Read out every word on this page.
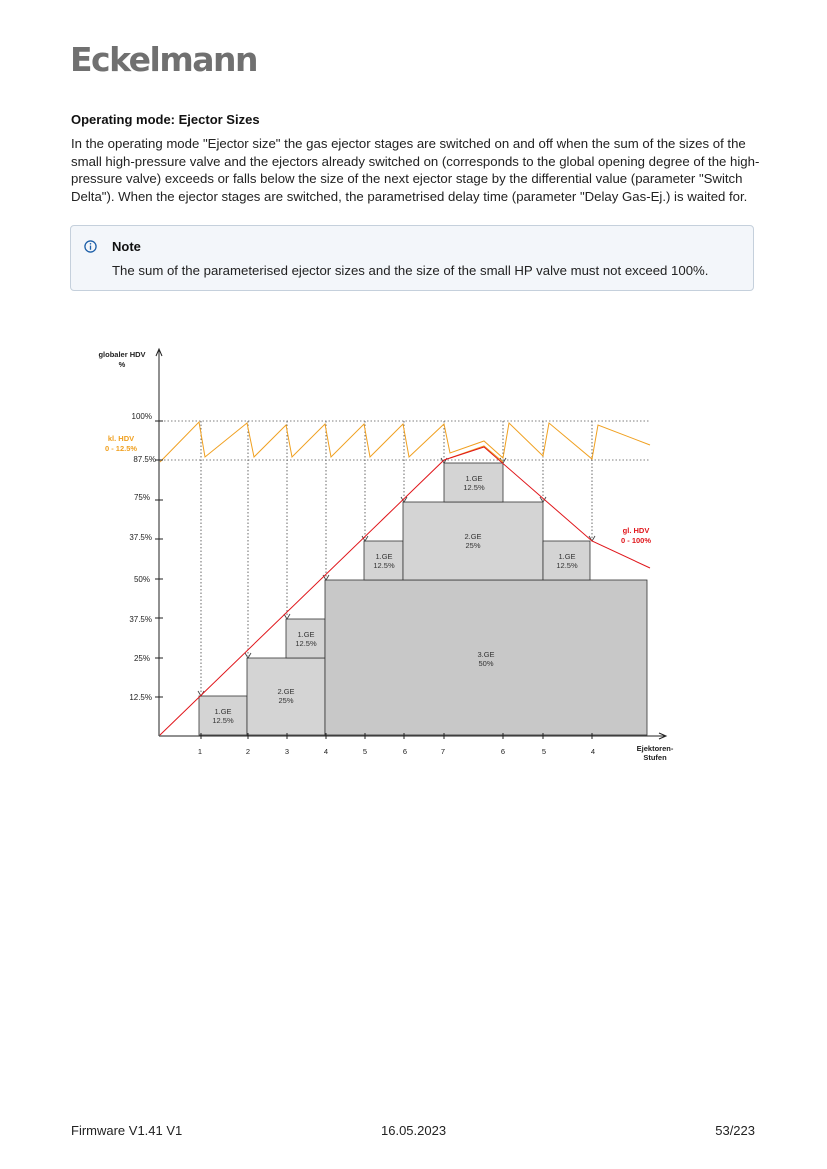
Eckelmann
Operating mode: Ejector Sizes

In the operating mode "Ejector size" the gas ejector stages are switched on and off when the sum of the sizes of the small high-pressure valve and the ejectors already switched on (corresponds to the global opening degree of the high-pressure valve) exceeds or falls below the size of the next ejector stage by the differential value (parameter "Switch Delta"). When the ejector stages are switched, the parametrised delay time (parameter "Delay Gas-Ej.) is waited for.

Note
The sum of the parameterised ejector sizes and the size of the small HP valve must not exceed 100%.
1.GE
12.5%
2.GE
25%
1.GE
12.5%
3.GE
50%
1.GE
12.5%
2.GE
25%
1.GE
12.5%
1.GE
12.5%
100%
87.5%
75%
37.5%
50%
37.5%
25%
12.5%
1	2	3	4	5	6	7	6	5	4
globaler HDV
%
Ejektoren-
Stufen
kl. HDV
0 - 12.5%
gl. HDV
0 - 100%
Firmware V1.41 V1	16.05.2023	53/223
